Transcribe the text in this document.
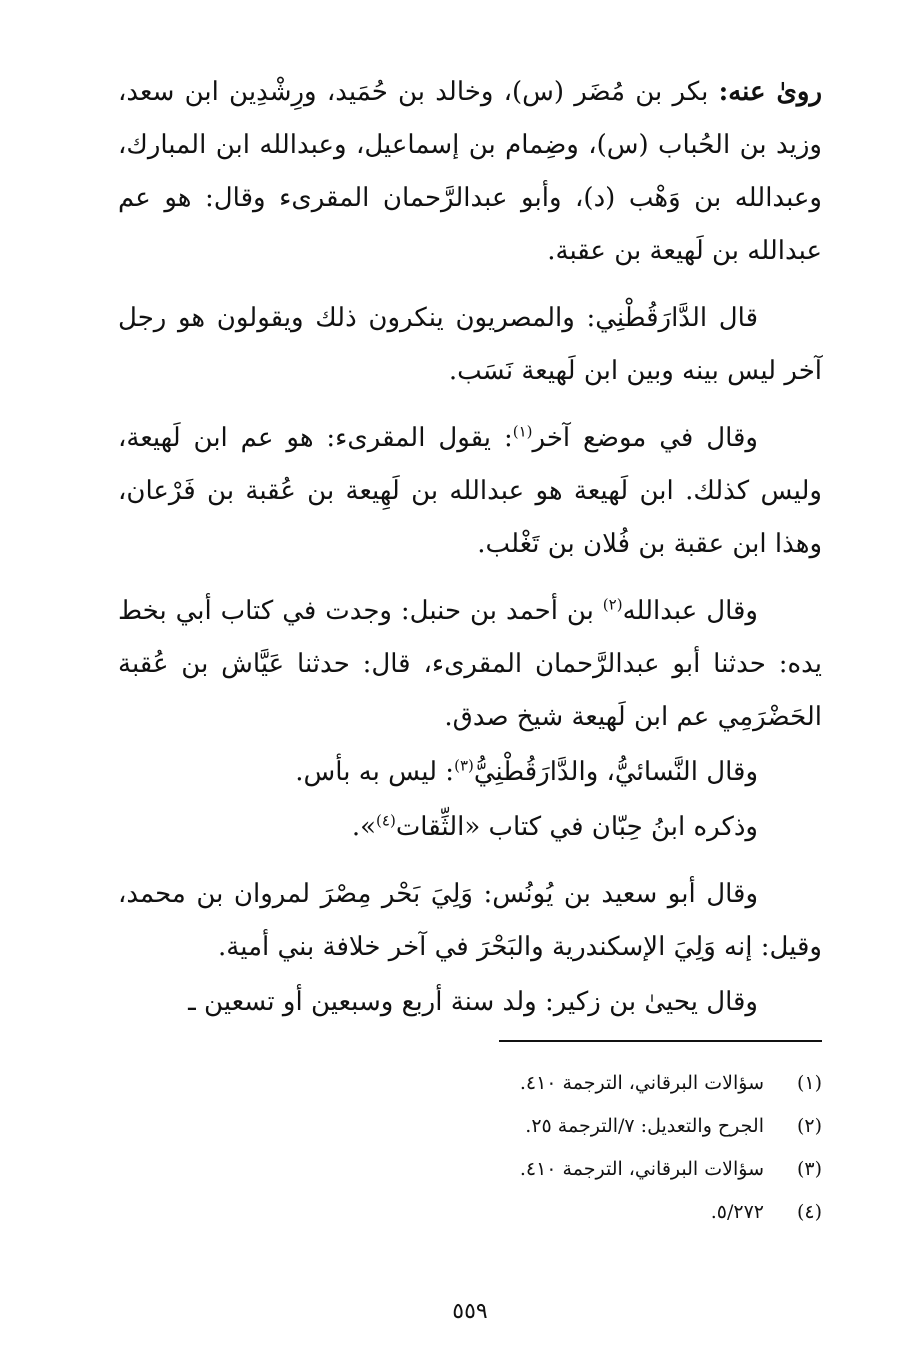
روىٰ عنه: بكر بن مُضَر (س)، وخالد بن حُمَيد، ورِشْدِين ابن سعد، وزيد بن الحُباب (س)، وضِمام بن إسماعيل، وعبدالله ابن المبارك، وعبدالله بن وَهْب (د)، وأبو عبدالرَّحمان المقرىء وقال: هو عم عبدالله بن لَهيعة بن عقبة.

قال الدَّارَقُطْنِي: والمصريون ينكرون ذلك ويقولون هو رجل آخر ليس بينه وبين ابن لَهيعة نَسَب.

وقال في موضع آخر$^{(١)}$: يقول المقرىء: هو عم ابن لَهيعة، وليس كذلك. ابن لَهيعة هو عبدالله بن لَهِيعة بن عُقبة بن فَرْعان، وهذا ابن عقبة بن فُلان بن تَغْلب.

وقال عبدالله$^{(٢)}$ بن أحمد بن حنبل: وجدت في كتاب أبي بخط يده: حدثنا أبو عبدالرَّحمان المقرىء، قال: حدثنا عَيَّاش بن عُقبة الحَضْرَمِي عم ابن لَهيعة شيخ صدق.

وقال النَّسائيُّ، والدَّارَقُطْنِيُّ$^{(٣)}$: ليس به بأس.

وذكره ابنُ حِبّان في كتاب «الثِّقات$^{(٤)}$».

وقال أبو سعيد بن يُونُس: وَلِيَ بَحْر مِصْرَ لمروان بن محمد، وقيل: إنه وَلِيَ الإسكندرية والبَحْرَ في آخر خلافة بني أمية.

وقال يحيىٰ بن زكير: ولد سنة أربع وسبعين أو تسعين ـ

(١)
سؤالات البرقاني، الترجمة ٤١٠.
(٢)
الجرح والتعديل: ٧/الترجمة ٢٥.
(٣)
سؤالات البرقاني، الترجمة ٤١٠.
(٤)
٥/٢٧٢.
٥٥٩
